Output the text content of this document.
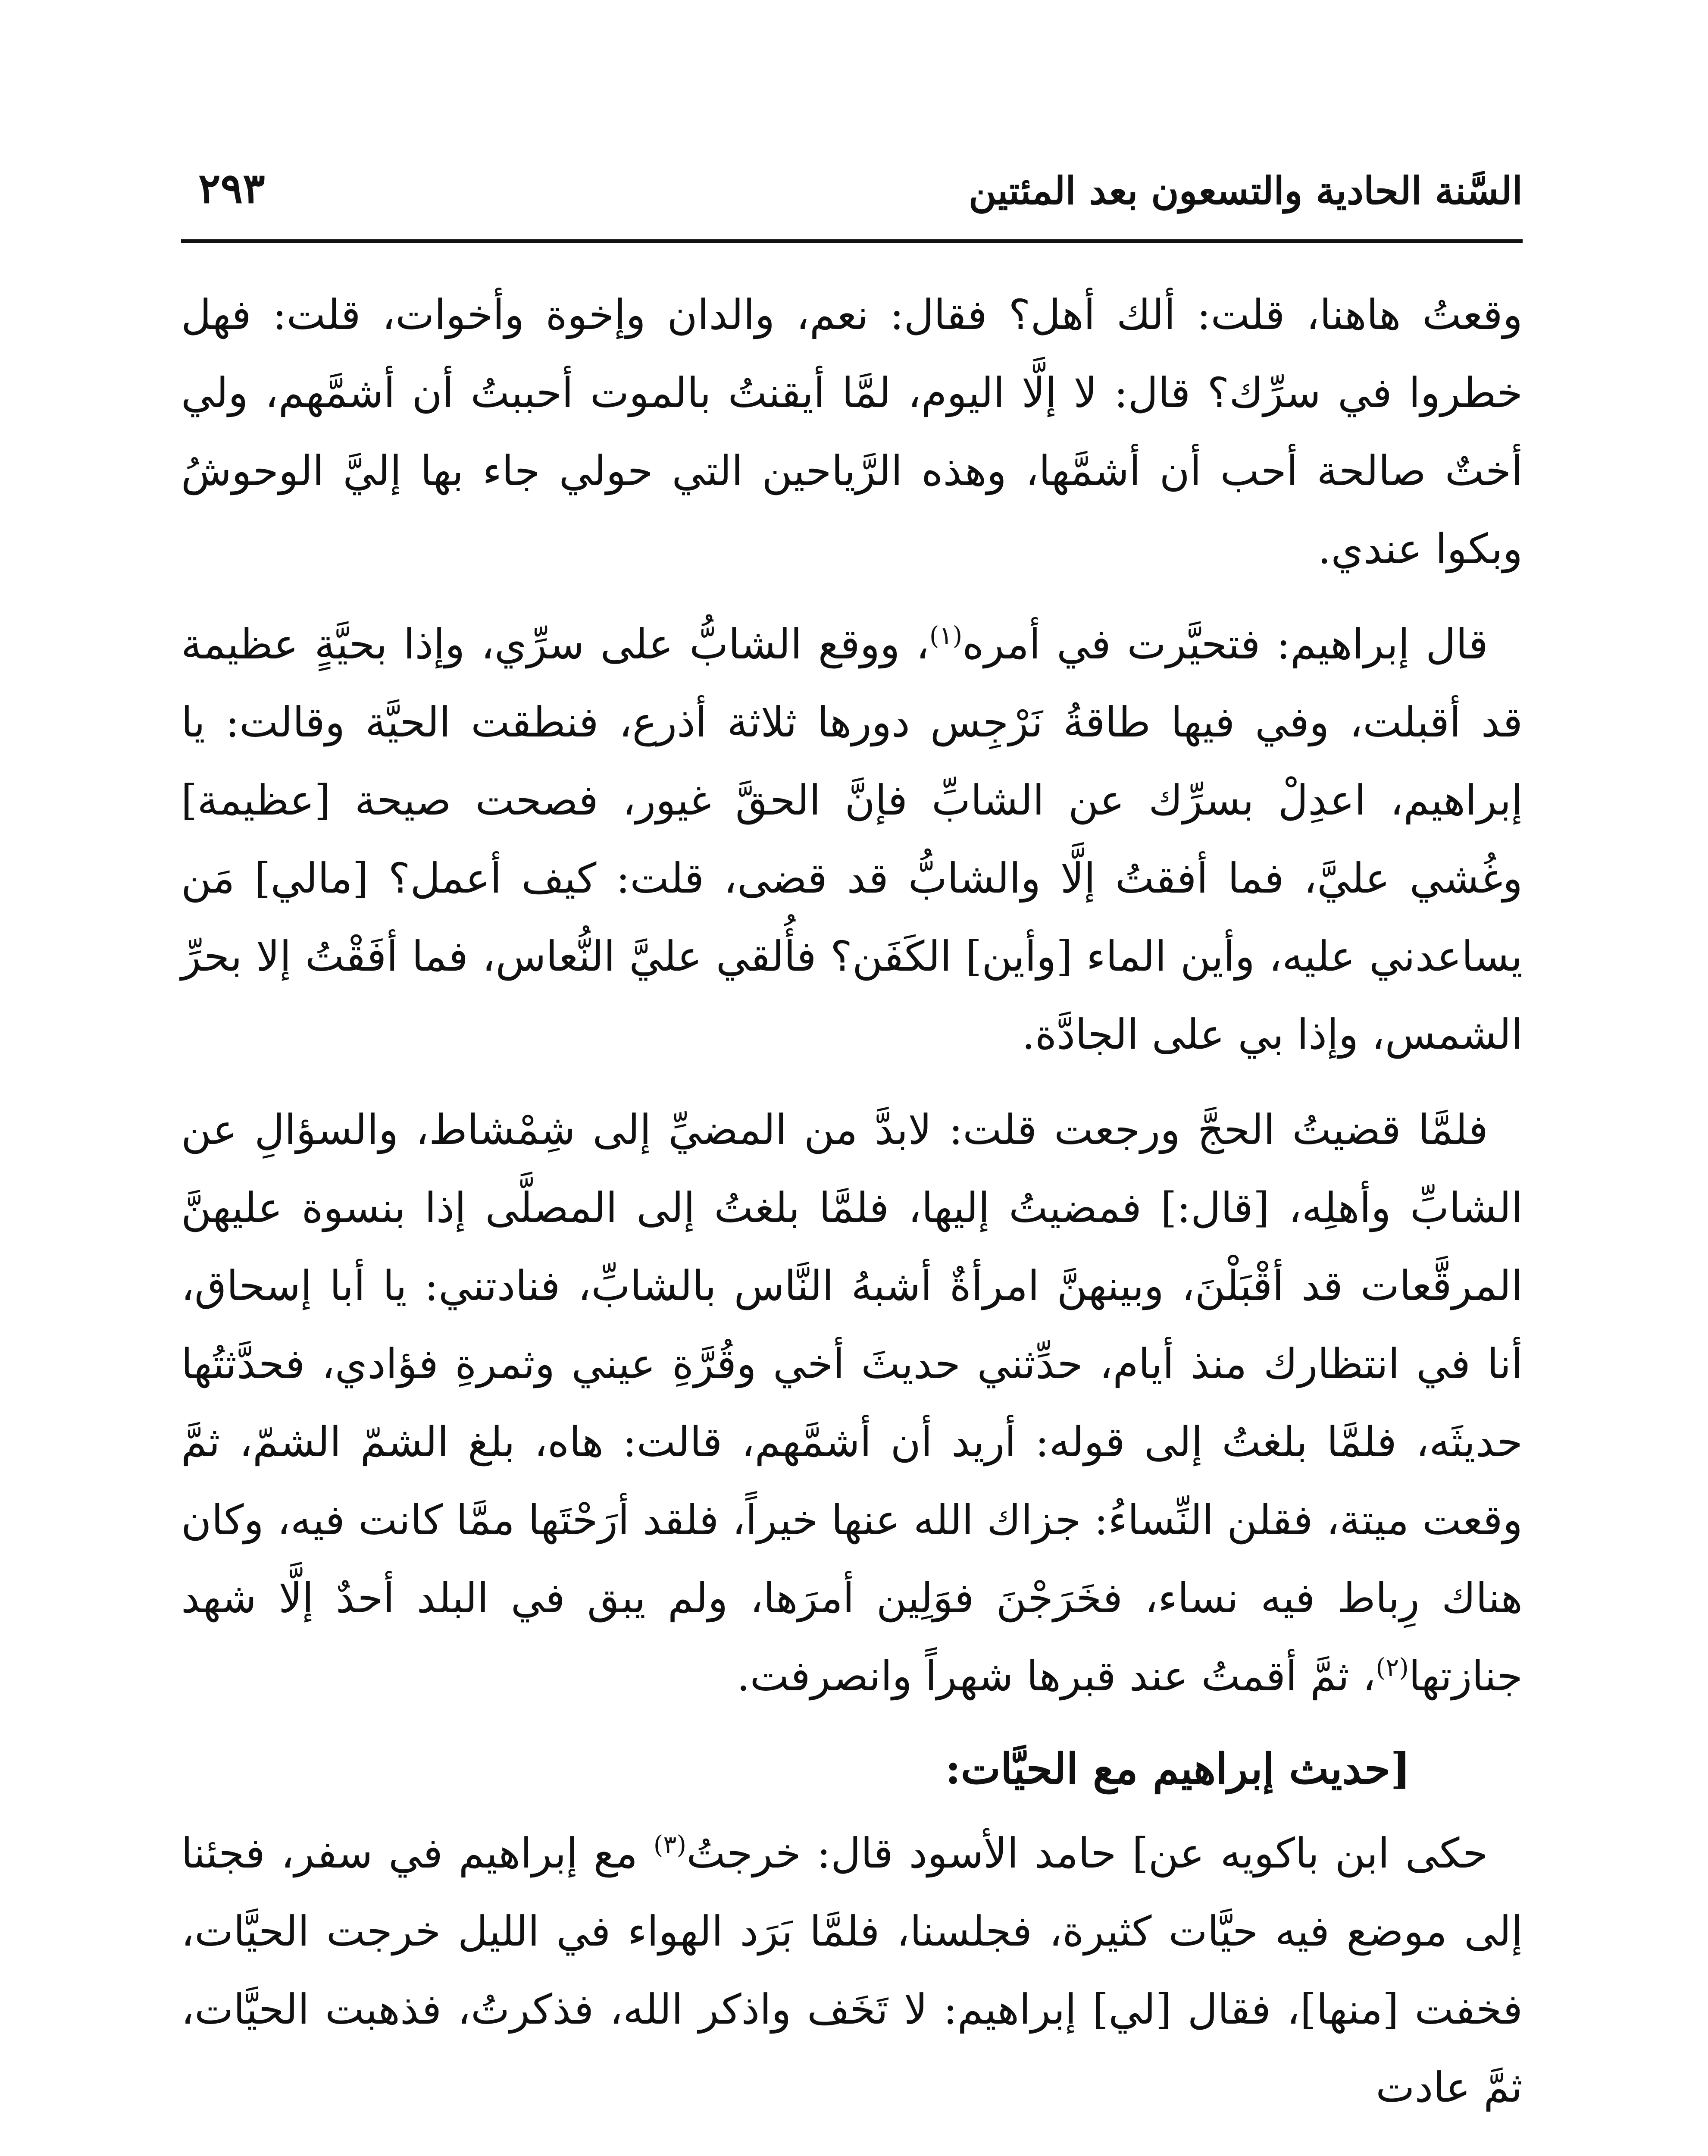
السَّنة الحادية والتسعون بعد المئتين
٢٩٣

وقعتُ هاهنا، قلت: ألك أهل؟ فقال: نعم، والدان وإخوة وأخوات، قلت: فهل خطروا في سرِّك؟ قال: لا إلَّا اليوم، لمَّا أيقنتُ بالموت أحببتُ أن أشمَّهم، ولي أختٌ صالحة أحب أن أشمَّها، وهذه الرَّياحين التي حولي جاء بها إليَّ الوحوشُ وبكوا عندي.

قال إبراهيم: فتحيَّرت في أمره$^{(١)}$، ووقع الشابُّ على سرِّي، وإذا بحيَّةٍ عظيمة قد أقبلت، وفي فيها طاقةُ نَرْجِس دورها ثلاثة أذرع، فنطقت الحيَّة وقالت: يا إبراهيم، اعدِلْ بسرِّك عن الشابِّ فإنَّ الحقَّ غيور، فصحت صيحة [عظيمة] وغُشي عليَّ، فما أفقتُ إلَّا والشابُّ قد قضى، قلت: كيف أعمل؟ [مالي] مَن يساعدني عليه، وأين الماء [وأين] الكَفَن؟ فأُلقي عليَّ النُّعاس، فما أفَقْتُ إلا بحرِّ الشمس، وإذا بي على الجادَّة.

فلمَّا قضيتُ الحجَّ ورجعت قلت: لابدَّ من المضيِّ إلى شِمْشاط، والسؤالِ عن الشابِّ وأهلِه، [قال:] فمضيتُ إليها، فلمَّا بلغتُ إلى المصلَّى إذا بنسوة عليهنَّ المرقَّعات قد أقْبَلْنَ، وبينهنَّ امرأةٌ أشبهُ النَّاس بالشابِّ، فنادتني: يا أبا إسحاق، أنا في انتظارك منذ أيام، حدِّثني حديثَ أخي وقُرَّةِ عيني وثمرةِ فؤادي، فحدَّثتُها حديثَه، فلمَّا بلغتُ إلى قوله: أريد أن أشمَّهم، قالت: هاه، بلغ الشمّ الشمّ، ثمَّ وقعت ميتة، فقلن النِّساءُ: جزاك الله عنها خيراً، فلقد أرَحْتَها ممَّا كانت فيه، وكان هناك رِباط فيه نساء، فخَرَجْنَ فوَلِين أمرَها، ولم يبق في البلد أحدٌ إلَّا شهد جنازتها$^{(٢)}$، ثمَّ أقمتُ عند قبرها شهراً وانصرفت.

[حديث إبراهيم مع الحيَّات:

حكى ابن باكويه عن] حامد الأسود قال: خرجتُ$^{(٣)}$ مع إبراهيم في سفر، فجئنا إلى موضع فيه حيَّات كثيرة، فجلسنا، فلمَّا بَرَد الهواء في الليل خرجت الحيَّات، فخفت [منها]، فقال [لي] إبراهيم: لا تَخَف واذكر الله، فذكرتُ، فذهبت الحيَّات، ثمَّ عادت
